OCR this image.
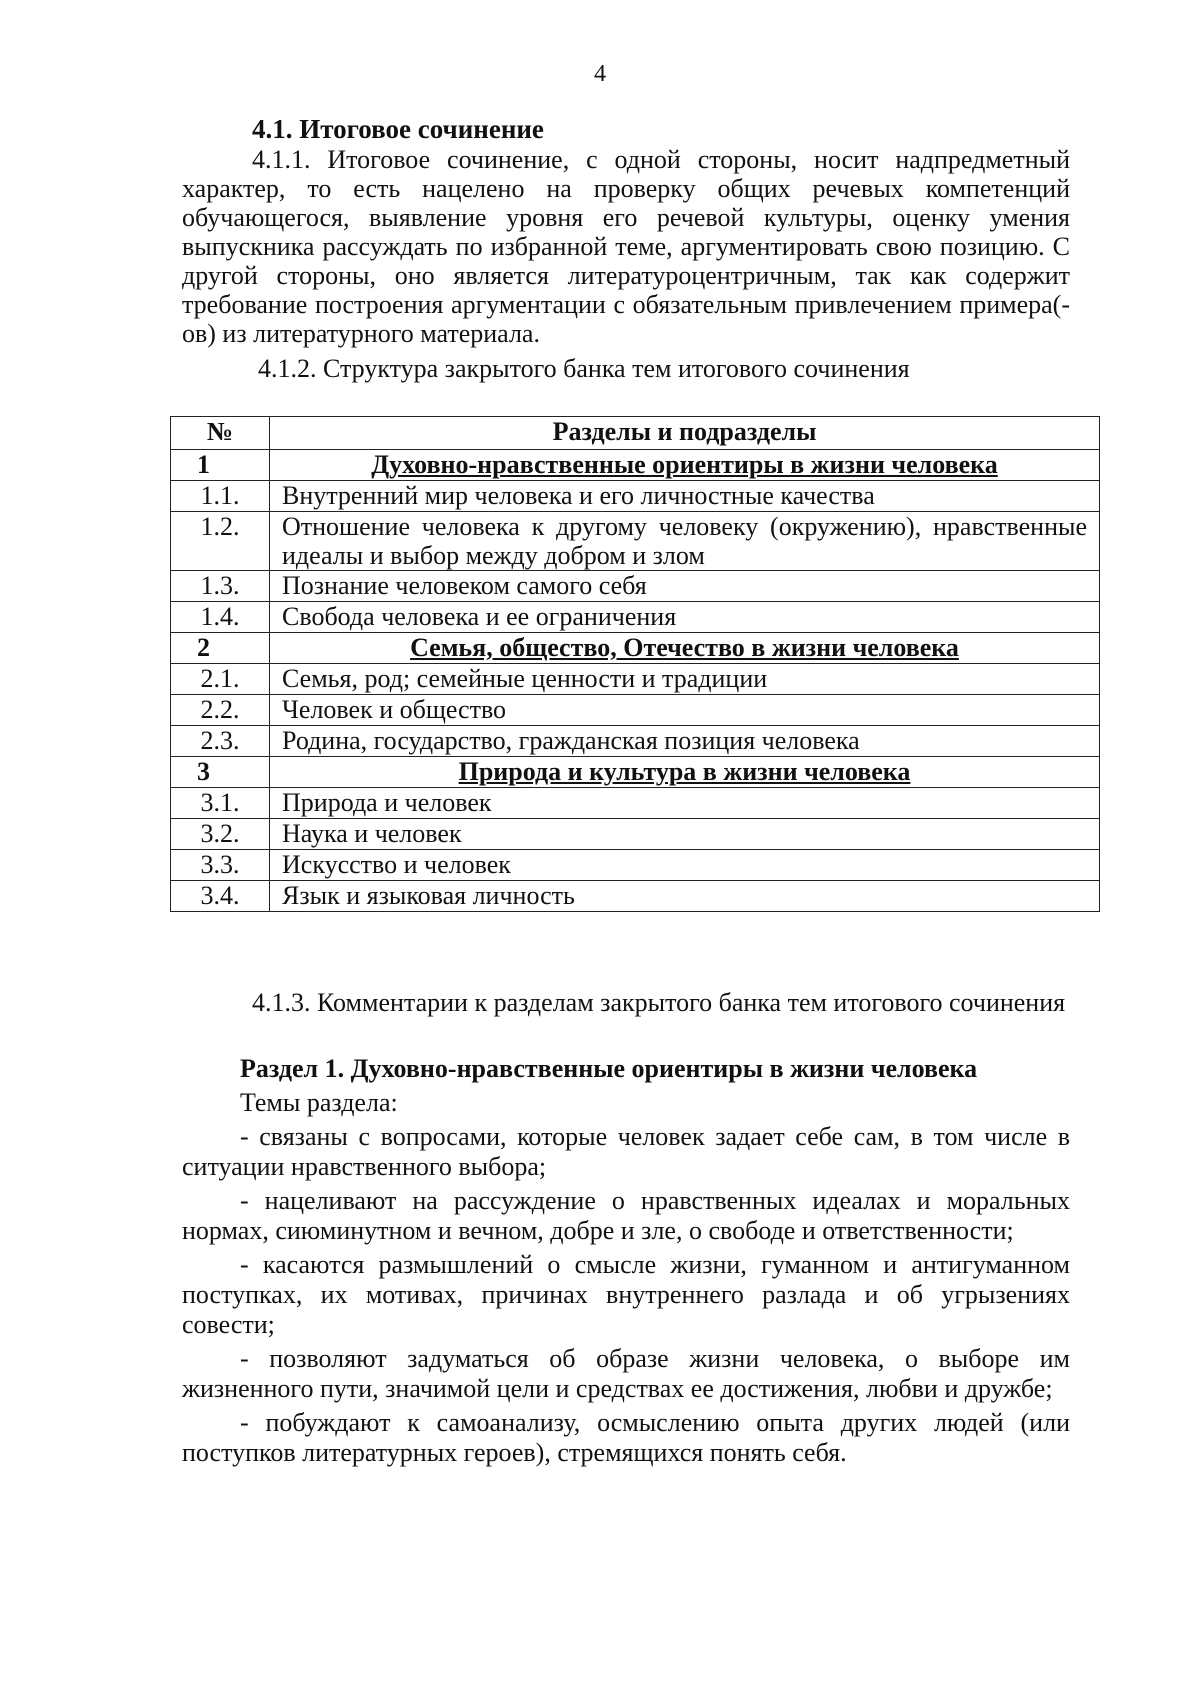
4
4.1. Итоговое сочинение

4.1.1. Итоговое сочинение, с одной стороны, носит надпредметный характер, то есть нацелено на проверку общих речевых компетенций обучающегося, выявление уровня его речевой культуры, оценку умения выпускника рассуждать по избранной теме, аргументировать свою позицию. С другой стороны, оно является литературоцентричным, так как содержит требование построения аргументации с обязательным привлечением примера(-ов) из литературного материала.

4.1.2. Структура закрытого банка тем итогового сочинения
№	Разделы и подразделы
1	Духовно-нравственные ориентиры в жизни человека
1.1.	Внутренний мир человека и его личностные качества
1.2.	Отношение человека к другому человеку (окружению), нравственные идеалы и выбор между добром и злом
1.3.	Познание человеком самого себя
1.4.	Свобода человека и ее ограничения
2	Семья, общество, Отечество в жизни человека
2.1.	Семья, род; семейные ценности и традиции
2.2.	Человек и общество
2.3.	Родина, государство, гражданская позиция человека
3	Природа и культура в жизни человека
3.1.	Природа и человек
3.2.	Наука и человек
3.3.	Искусство и человек
3.4.	Язык и языковая личность

4.1.3. Комментарии к разделам закрытого банка тем итогового сочинения

Раздел 1. Духовно-нравственные ориентиры в жизни человека
Темы раздела:
- связаны с вопросами, которые человек задает себе сам, в том числе в ситуации нравственного выбора;
- нацеливают на рассуждение о нравственных идеалах и моральных нормах, сиюминутном и вечном, добре и зле, о свободе и ответственности;
- касаются размышлений о смысле жизни, гуманном и антигуманном поступках, их мотивах, причинах внутреннего разлада и об угрызениях совести;
- позволяют задуматься об образе жизни человека, о выборе им жизненного пути, значимой цели и средствах ее достижения, любви и дружбе;
- побуждают к самоанализу, осмыслению опыта других людей (или поступков литературных героев), стремящихся понять себя.
